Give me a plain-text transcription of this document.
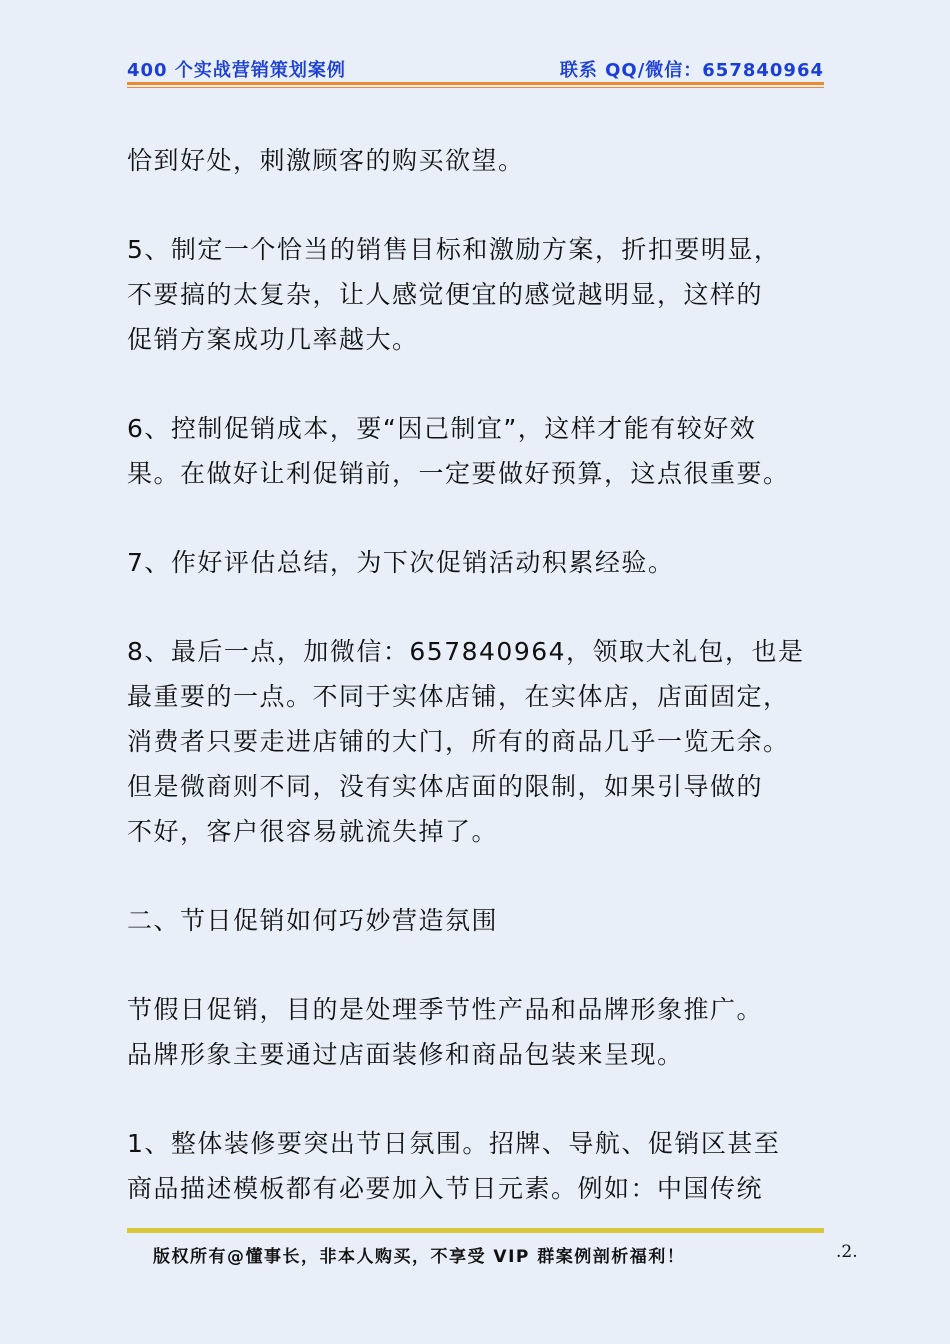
400 个实战营销策划案例	联系 QQ/微信：657840964

恰到好处，刺激顾客的购买欲望。

5、制定一个恰当的销售目标和激励方案，折扣要明显，
不要搞的太复杂，让人感觉便宜的感觉越明显，这样的
促销方案成功几率越大。

6、控制促销成本，要“因己制宜”，这样才能有较好效
果。在做好让利促销前，一定要做好预算，这点很重要。

7、作好评估总结，为下次促销活动积累经验。

8、最后一点，加微信：657840964，领取大礼包，也是
最重要的一点。不同于实体店铺，在实体店，店面固定，
消费者只要走进店铺的大门，所有的商品几乎一览无余。
但是微商则不同，没有实体店面的限制，如果引导做的
不好，客户很容易就流失掉了。

二、节日促销如何巧妙营造氛围

节假日促销，目的是处理季节性产品和品牌形象推广。
品牌形象主要通过店面装修和商品包装来呈现。

1、整体装修要突出节日氛围。招牌、导航、促销区甚至
商品描述模板都有必要加入节日元素。例如：中国传统

版权所有@懂事长，非本人购买，不享受 VIP 群案例剖析福利！	.2.
